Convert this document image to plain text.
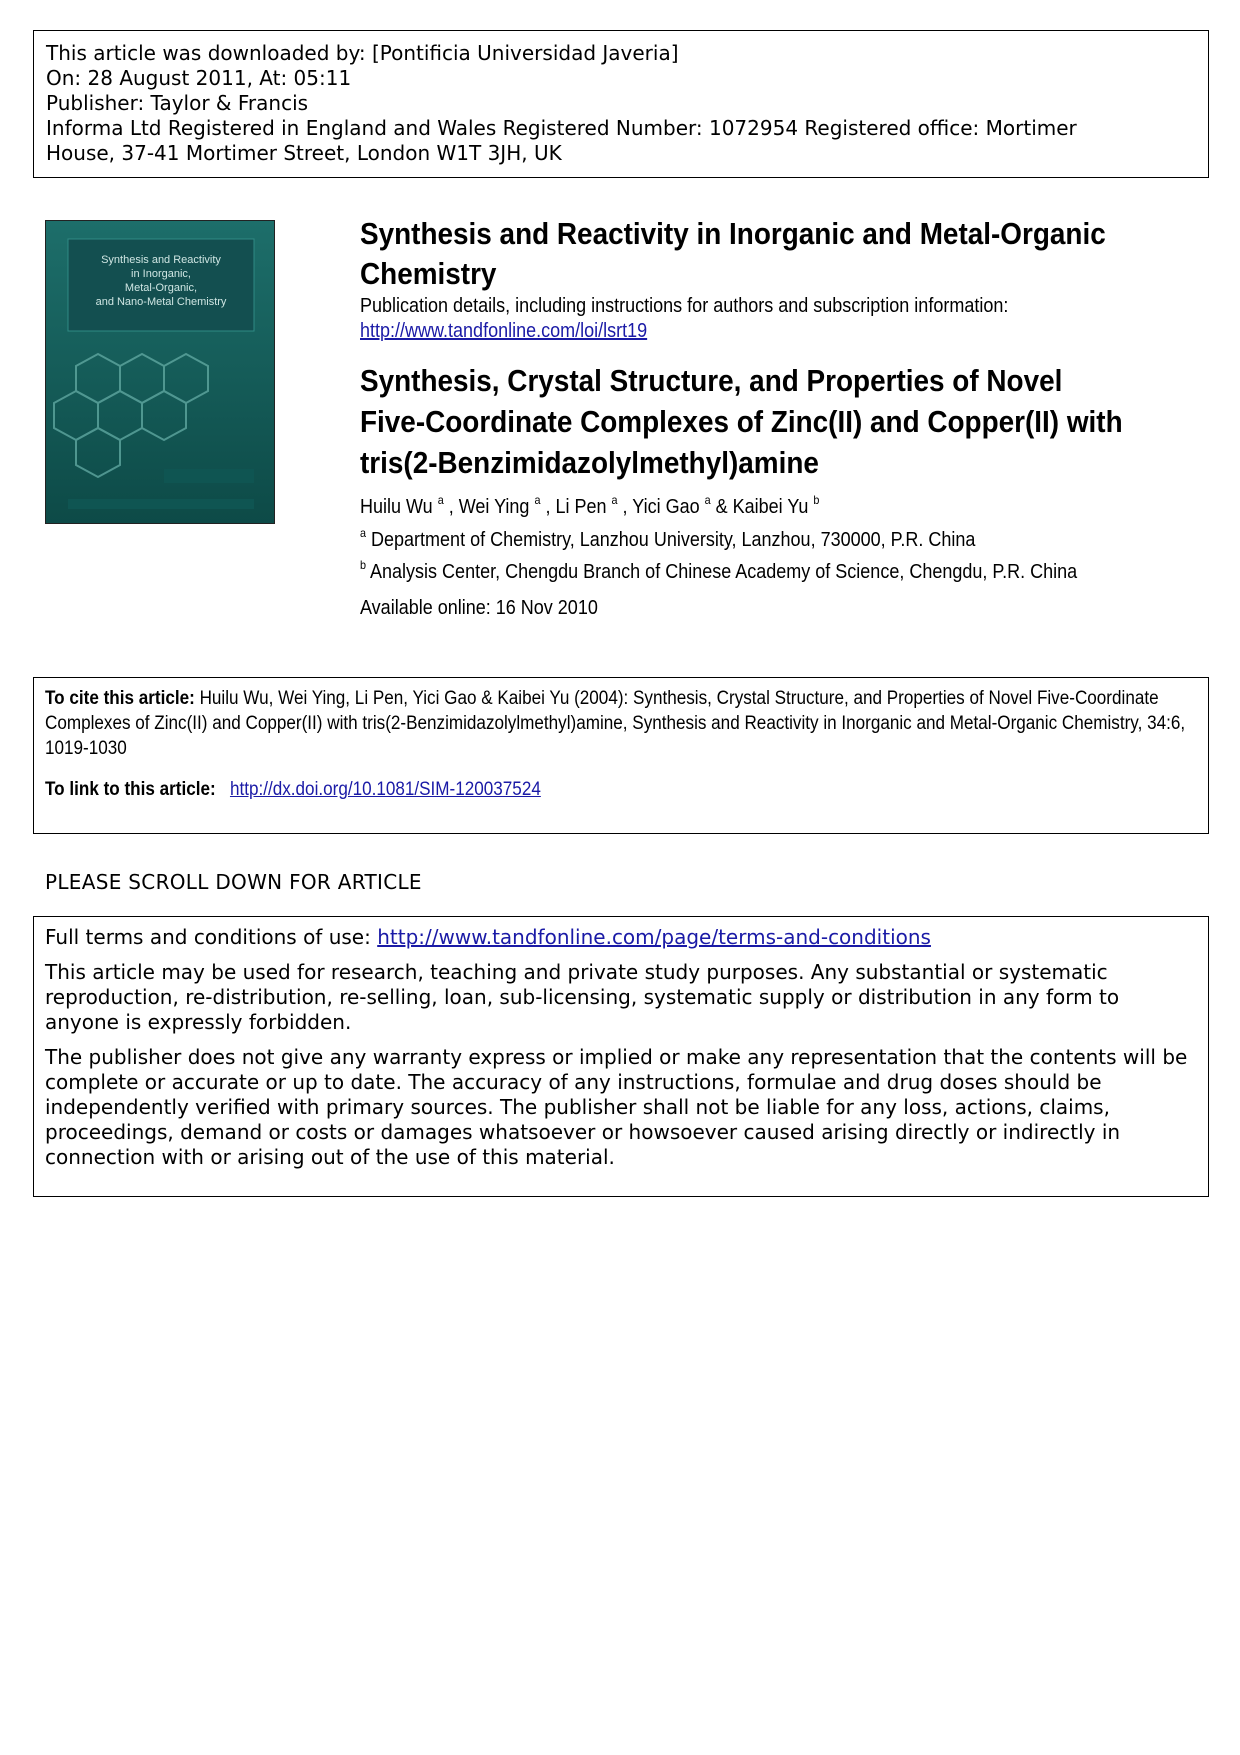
This article was downloaded by: [Pontificia Universidad Javeria]
On: 28 August 2011, At: 05:11
Publisher: Taylor & Francis
Informa Ltd Registered in England and Wales Registered Number: 1072954 Registered office: Mortimer
House, 37-41 Mortimer Street, London W1T 3JH, UK
Synthesis and Reactivity
in Inorganic,
Metal-Organic,
and Nano-Metal Chemistry
Synthesis and Reactivity in Inorganic and Metal-Organic Chemistry
Publication details, including instructions for authors and subscription information:
http://www.tandfonline.com/loi/lsrt19
Synthesis, Crystal Structure, and Properties of Novel Five-Coordinate Complexes of Zinc(II) and Copper(II) with tris(2-Benzimidazolylmethyl)amine
Huilu Wu $^a$ , Wei Ying $^a$ , Li Pen $^a$ , Yici Gao $^a$ & Kaibei Yu $^b$
$^a$ Department of Chemistry, Lanzhou University, Lanzhou, 730000, P.R. China
$^b$ Analysis Center, Chengdu Branch of Chinese Academy of Science, Chengdu, P.R. China
Available online: 16 Nov 2010
To cite this article: Huilu Wu, Wei Ying, Li Pen, Yici Gao & Kaibei Yu (2004): Synthesis, Crystal Structure, and Properties of Novel Five-Coordinate Complexes of Zinc(II) and Copper(II) with tris(2-Benzimidazolylmethyl)amine, Synthesis and Reactivity in Inorganic and Metal-Organic Chemistry, 34:6, 1019-1030
To link to this article: http://dx.doi.org/10.1081/SIM-120037524
PLEASE SCROLL DOWN FOR ARTICLE

Full terms and conditions of use: http://www.tandfonline.com/page/terms-and-conditions

This article may be used for research, teaching and private study purposes. Any substantial or systematic reproduction, re-distribution, re-selling, loan, sub-licensing, systematic supply or distribution in any form to anyone is expressly forbidden.

The publisher does not give any warranty express or implied or make any representation that the contents will be complete or accurate or up to date. The accuracy of any instructions, formulae and drug doses should be independently verified with primary sources. The publisher shall not be liable for any loss, actions, claims, proceedings, demand or costs or damages whatsoever or howsoever caused arising directly or indirectly in connection with or arising out of the use of this material.
